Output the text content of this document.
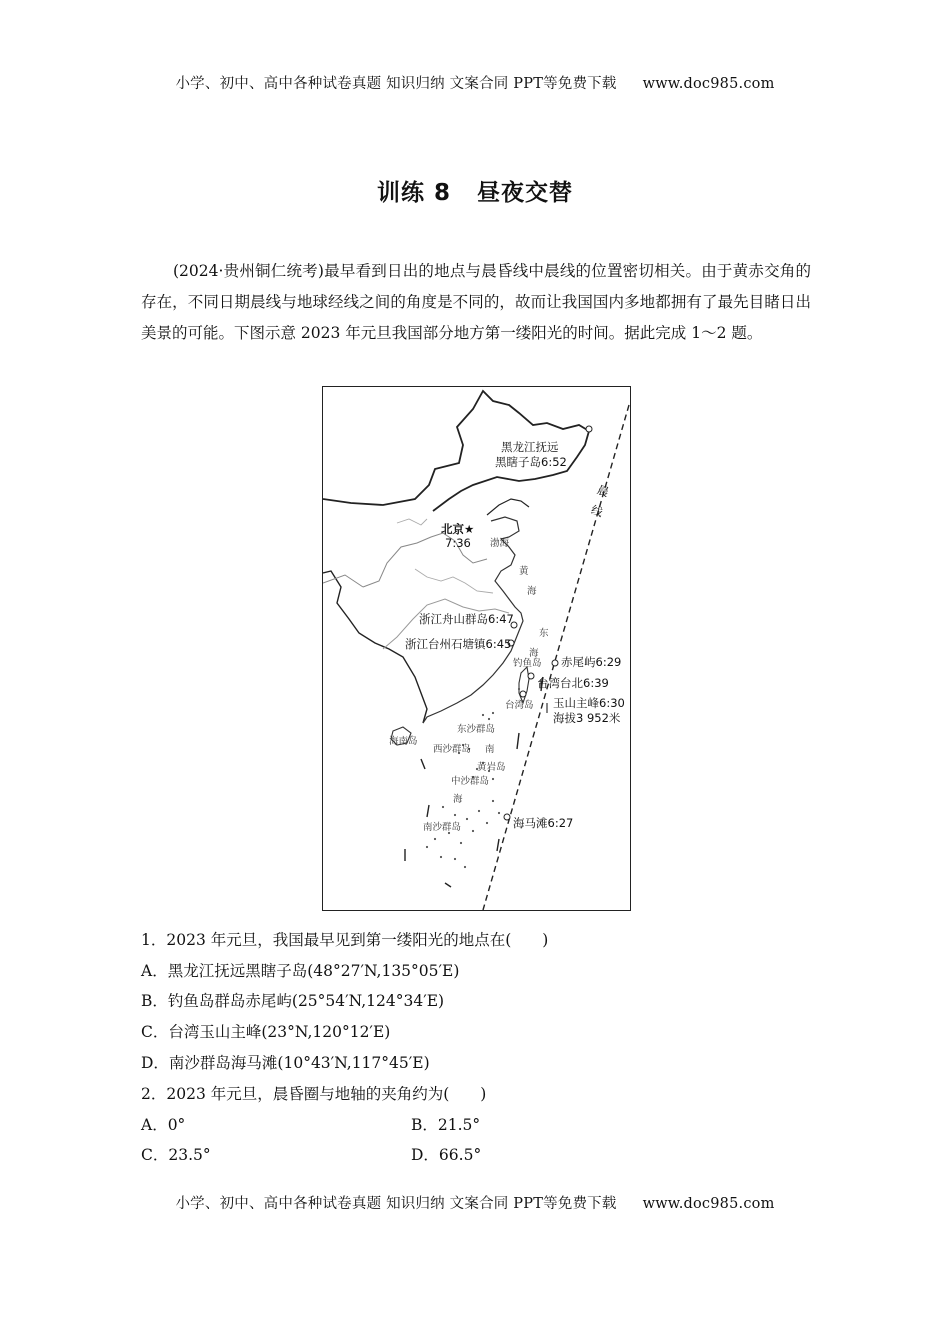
小学、初中、高中各种试卷真题 知识归纳 文案合同 PPT等免费下载 www.doc985.com
训练 8 昼夜交替
(2024·贵州铜仁统考)最早看到日出的地点与晨昏线中晨线的位置密切相关。由于黄赤交角的存在，不同日期晨线与地球经线之间的角度是不同的，故而让我国国内多地都拥有了最先目睹日出美景的可能。下图示意 2023 年元旦我国部分地方第一缕阳光的时间。据此完成 1～2 题。
黑龙江抚远
黑瞎子岛6:52
北京★
7:36 渤海
黄
海
浙江舟山群岛6:47
浙江台州石塘镇6:45
东
海
钓鱼岛 赤尾屿6:29
台湾台北6:39
台湾岛 玉山主峰6:30
海拔3 952米
东沙群岛
海南岛
西沙群岛 南
黄岩岛
中沙群岛
海
南沙群岛	海马滩6:27
晨
线
1．2023 年元旦，我国最早见到第一缕阳光的地点在(　　)
A．黑龙江抚远黑瞎子岛(48°27′N,135°05′E)
B．钓鱼岛群岛赤尾屿(25°54′N,124°34′E)
C．台湾玉山主峰(23°N,120°12′E)
D．南沙群岛海马滩(10°43′N,117°45′E)
2．2023 年元旦，晨昏圈与地轴的夹角约为(　　)
A．0°	B．21.5°
C．23.5°	D．66.5°
小学、初中、高中各种试卷真题 知识归纳 文案合同 PPT等免费下载 www.doc985.com
